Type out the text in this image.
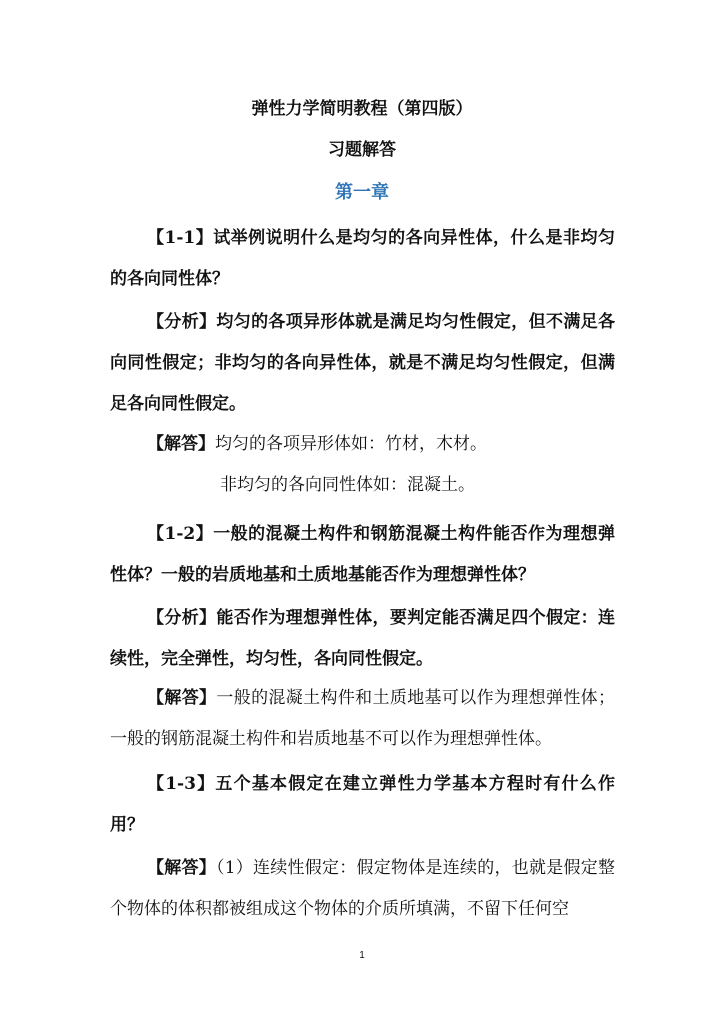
弹性力学简明教程（第四版）

习题解答

第一章

【1-1】试举例说明什么是均匀的各向异性体，什么是非均匀的各向同性体？

【分析】均匀的各项异形体就是满足均匀性假定，但不满足各向同性假定；非均匀的各向异性体，就是不满足均匀性假定，但满足各向同性假定。

【解答】均匀的各项异形体如：竹材，木材。

非均匀的各向同性体如：混凝土。

【1-2】一般的混凝土构件和钢筋混凝土构件能否作为理想弹性体？一般的岩质地基和土质地基能否作为理想弹性体？

【分析】能否作为理想弹性体，要判定能否满足四个假定：连续性，完全弹性，均匀性，各向同性假定。

【解答】一般的混凝土构件和土质地基可以作为理想弹性体；一般的钢筋混凝土构件和岩质地基不可以作为理想弹性体。

【1-3】五个基本假定在建立弹性力学基本方程时有什么作用？

【解答】（1）连续性假定：假定物体是连续的，也就是假定整个物体的体积都被组成这个物体的介质所填满，不留下任何空

1
